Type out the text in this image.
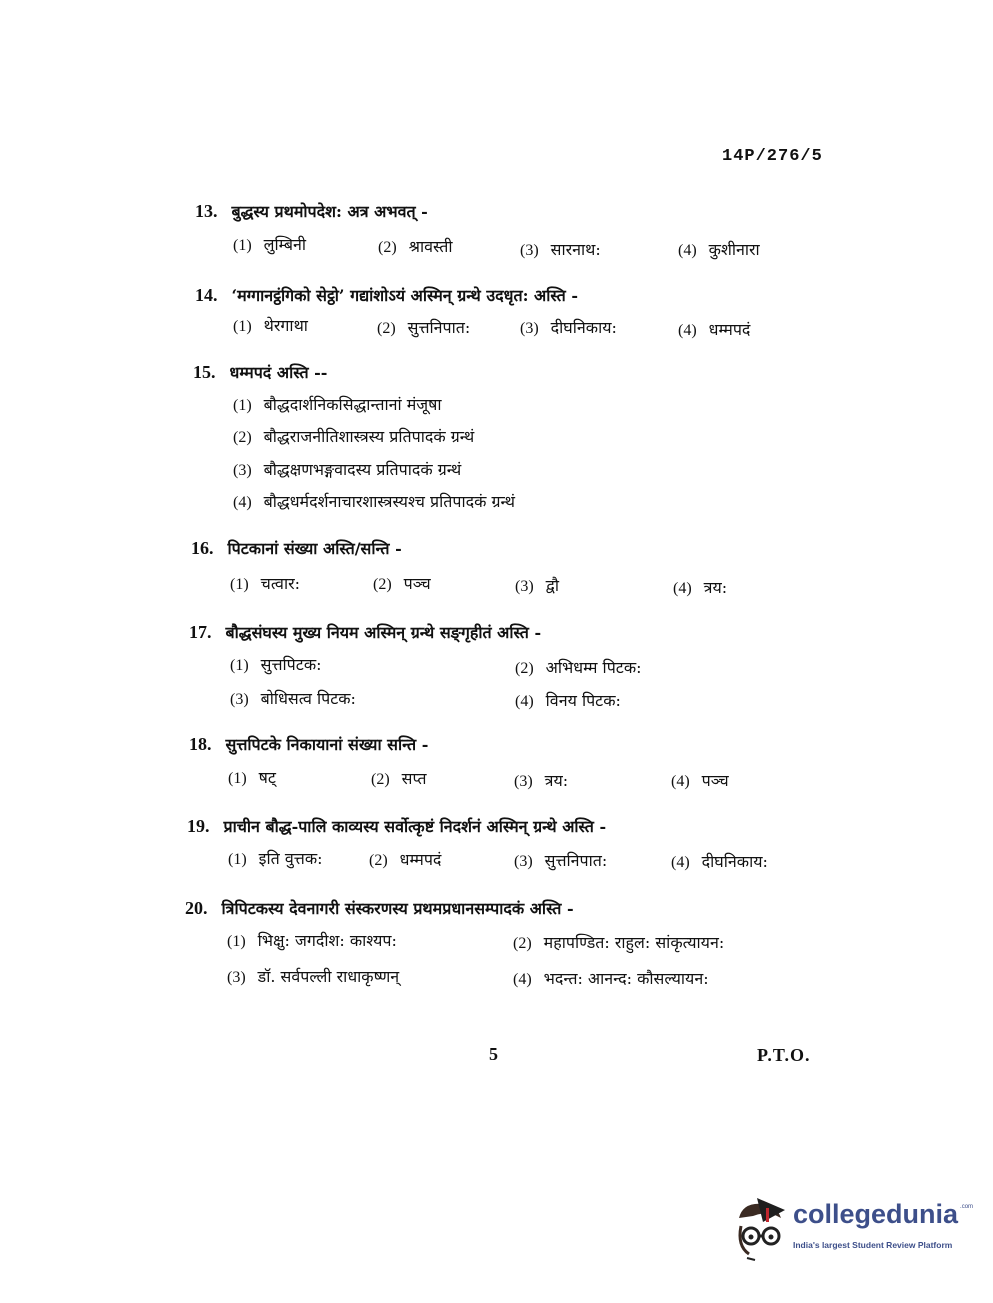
14P/276/5
13. बुद्धस्य प्रथमोपदेश: अत्र अभवत् -
(1) लुम्बिनी	(2) श्रावस्ती	(3) सारनाथ:	(4) कुशीनारा
14. ‘मग्गानट्ठंगिको सेट्ठो’ गद्यांशोऽयं अस्मिन् ग्रन्थे उदधृत: अस्ति -
(1) थेरगाथा	(2) सुत्तनिपात:	(3) दीघनिकाय:	(4) धम्मपदं
15. धम्मपदं अस्ति --
(1) बौद्धदार्शनिकसिद्धान्तानां मंजूषा
(2) बौद्धराजनीतिशास्त्रस्य प्रतिपादकं ग्रन्थं
(3) बौद्धक्षणभङ्गवादस्य प्रतिपादकं ग्रन्थं
(4) बौद्धधर्मदर्शनाचारशास्त्रस्यश्च प्रतिपादकं ग्रन्थं
16. पिटकानां संख्या अस्ति/सन्ति -
(1) चत्वार:	(2) पञ्च	(3) द्वौ	(4) त्रय:
17. बौद्धसंघस्य मुख्य नियम अस्मिन् ग्रन्थे सङ्गृहीतं अस्ति -
(1) सुत्तपिटक:	(2) अभिधम्म पिटक:
(3) बोधिसत्व पिटक:	(4) विनय पिटक:
18. सुत्तपिटके निकायानां संख्या सन्ति -
(1) षट्	(2) सप्त	(3) त्रय:	(4) पञ्च
19. प्राचीन बौद्ध-पालि काव्यस्य सर्वोत्कृष्टं निदर्शनं अस्मिन् ग्रन्थे अस्ति -
(1) इति वुत्तक:	(2) धम्मपदं	(3) सुत्तनिपात:	(4) दीघनिकाय:
20. त्रिपिटकस्य देवनागरी संस्करणस्य प्रथमप्रधानसम्पादकं अस्ति -
(1) भिक्षु: जगदीश: काश्यप:	(2) महापण्डित: राहुल: सांकृत्यायन:
(3) डॉ. सर्वपल्ली राधाकृष्णन्	(4) भदन्त: आनन्द: कौसल्यायन:
5	P.T.O.
collegedunia .com
India's largest Student Review Platform
